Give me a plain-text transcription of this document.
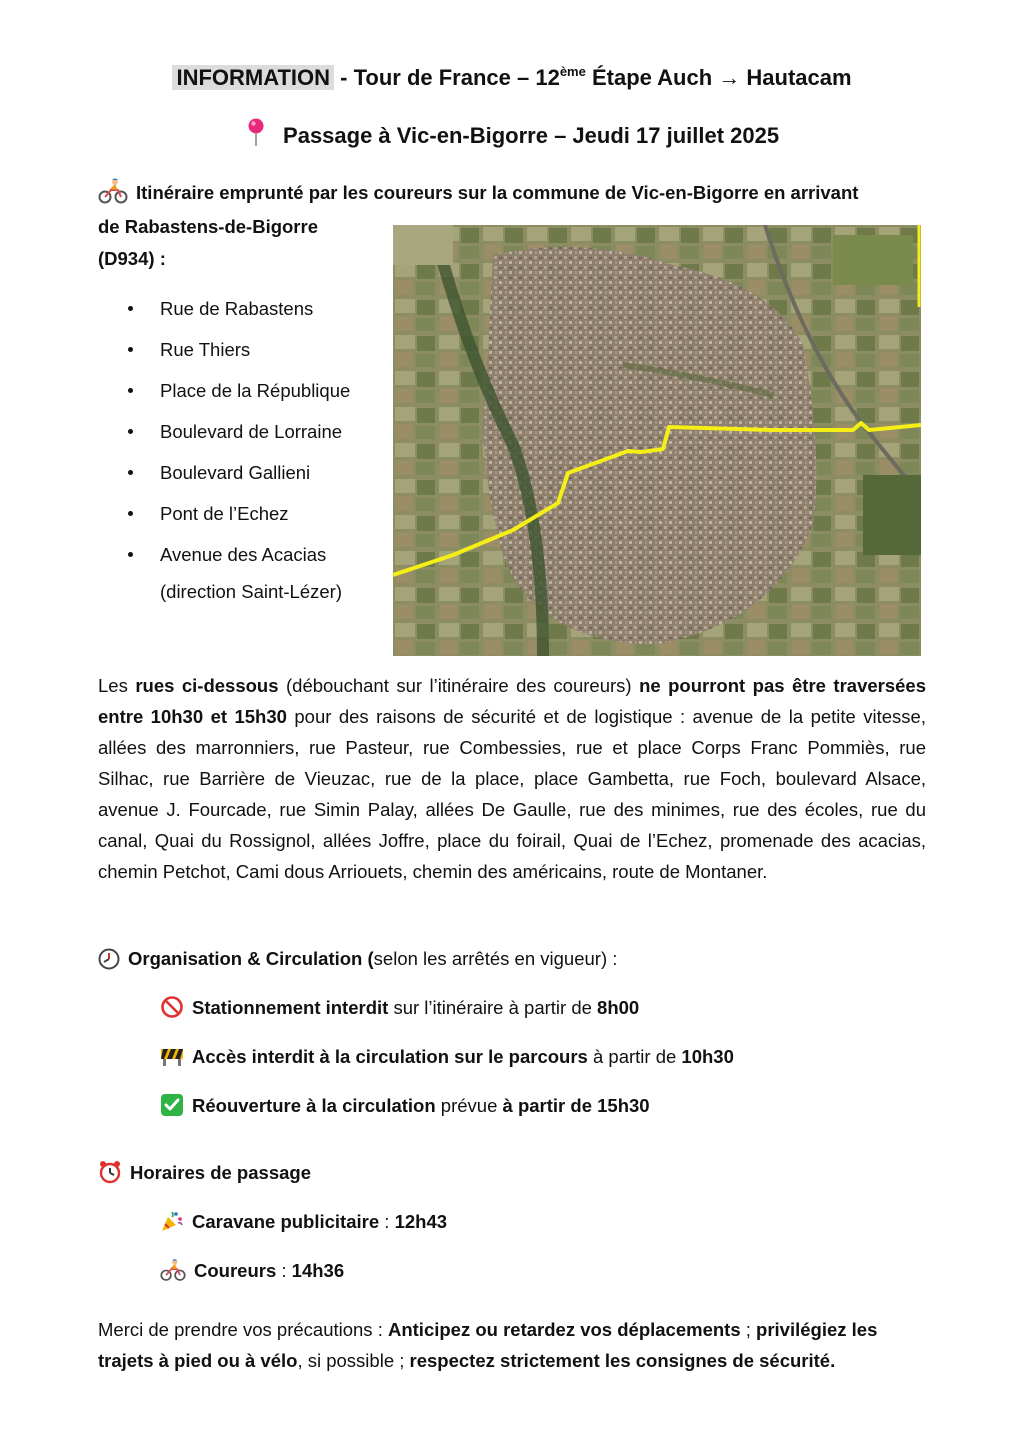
INFORMATION - Tour de France – 12ème Étape Auch → Hautacam
Passage à Vic-en-Bigorre – Jeudi 17 juillet 2025
Itinéraire emprunté par les coureurs sur la commune de Vic-en-Bigorre en arrivant
de Rabastens-de-Bigorre
(D934) :
Rue de Rabastens
Rue Thiers
Place de la République
Boulevard de Lorraine
Boulevard Gallieni
Pont de l’Echez
Avenue des Acacias
(direction Saint-Lézer)
Les rues ci-dessous (débouchant sur l’itinéraire des coureurs) ne pourront pas être traversées entre 10h30 et 15h30 pour des raisons de sécurité et de logistique : avenue de la petite vitesse, allées des marronniers, rue Pasteur, rue Combessies, rue et place Corps Franc Pommiès, rue Silhac, rue Barrière de Vieuzac, rue de la place, place Gambetta, rue Foch, boulevard Alsace, avenue J. Fourcade, rue Simin Palay, allées De Gaulle, rue des minimes, rue des écoles, rue du canal, Quai du Rossignol, allées Joffre, place du foirail, Quai de l’Echez, promenade des acacias, chemin Petchot, Cami dous Arriouets, chemin des américains, route de Montaner.
Organisation & Circulation (selon les arrêtés en vigueur) :
Stationnement interdit sur l’itinéraire à partir de 8h00
Accès interdit à la circulation sur le parcours à partir de 10h30
Réouverture à la circulation prévue à partir de 15h30
Horaires de passage
Caravane publicitaire : 12h43
Coureurs : 14h36
Merci de prendre vos précautions : Anticipez ou retardez vos déplacements ; privilégiez les trajets à pied ou à vélo, si possible ; respectez strictement les consignes de sécurité.
